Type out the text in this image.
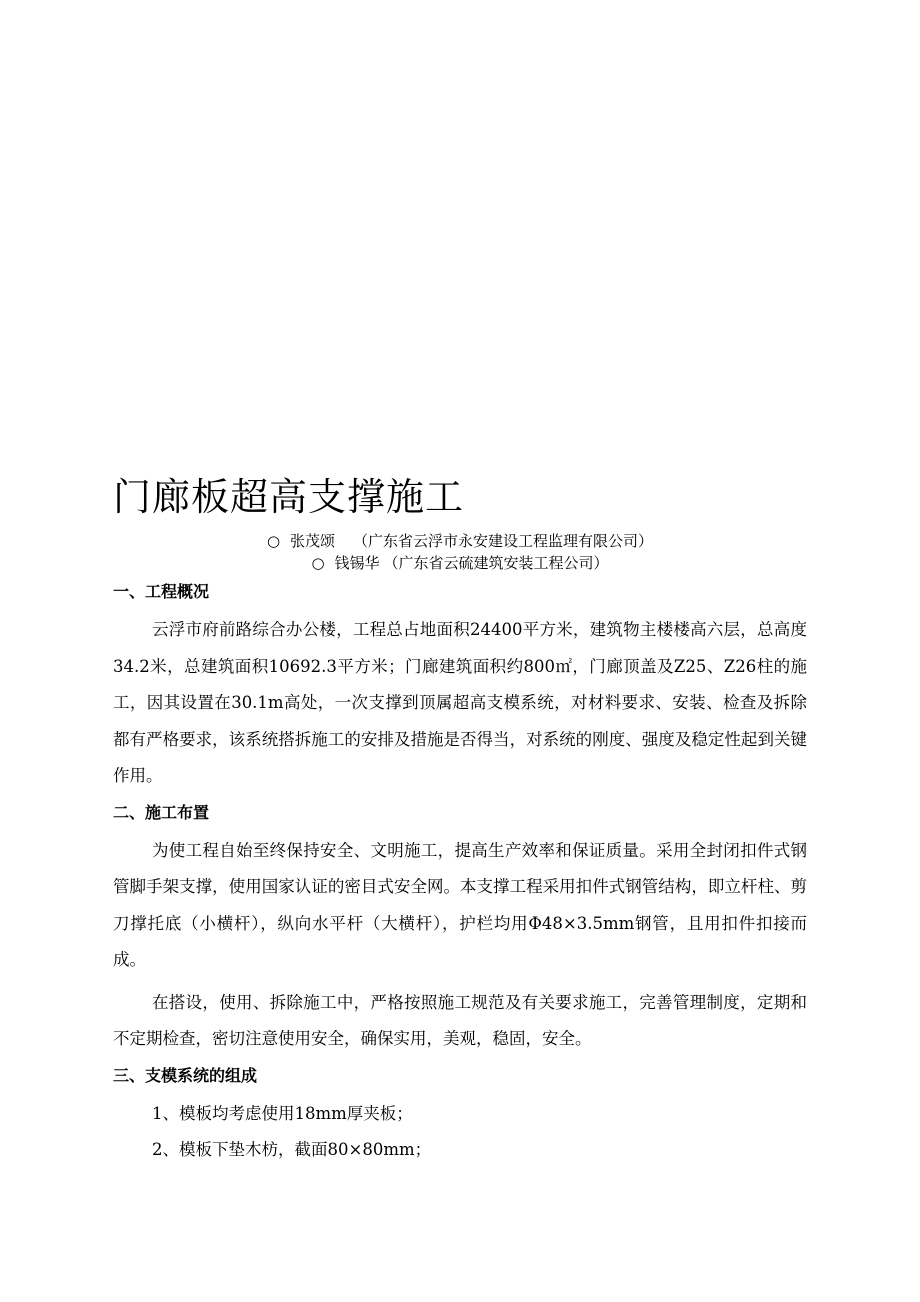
门廊板超高支撑施工
○ 张茂颂 （广东省云浮市永安建设工程监理有限公司）
○ 钱锡华 （广东省云硫建筑安装工程公司）
一、工程概况

云浮市府前路综合办公楼，工程总占地面积24400平方米，建筑物主楼楼高六层，总高度34.2米，总建筑面积10692.3平方米；门廊建筑面积约800㎡，门廊顶盖及Z25、Z26柱的施工，因其设置在30.1m高处，一次支撑到顶属超高支模系统，对材料要求、安装、检查及拆除都有严格要求，该系统搭拆施工的安排及措施是否得当，对系统的刚度、强度及稳定性起到关键作用。

二、施工布置

为使工程自始至终保持安全、文明施工，提高生产效率和保证质量。采用全封闭扣件式钢管脚手架支撑，使用国家认证的密目式安全网。本支撑工程采用扣件式钢管结构，即立杆柱、剪刀撑托底（小横杆），纵向水平杆（大横杆），护栏均用Φ48×3.5mm钢管，且用扣件扣接而成。

在搭设，使用、拆除施工中，严格按照施工规范及有关要求施工，完善管理制度，定期和不定期检查，密切注意使用安全，确保实用，美观，稳固，安全。

三、支模系统的组成

1、模板均考虑使用18mm厚夹板；

2、模板下垫木枋，截面80×80mm；
